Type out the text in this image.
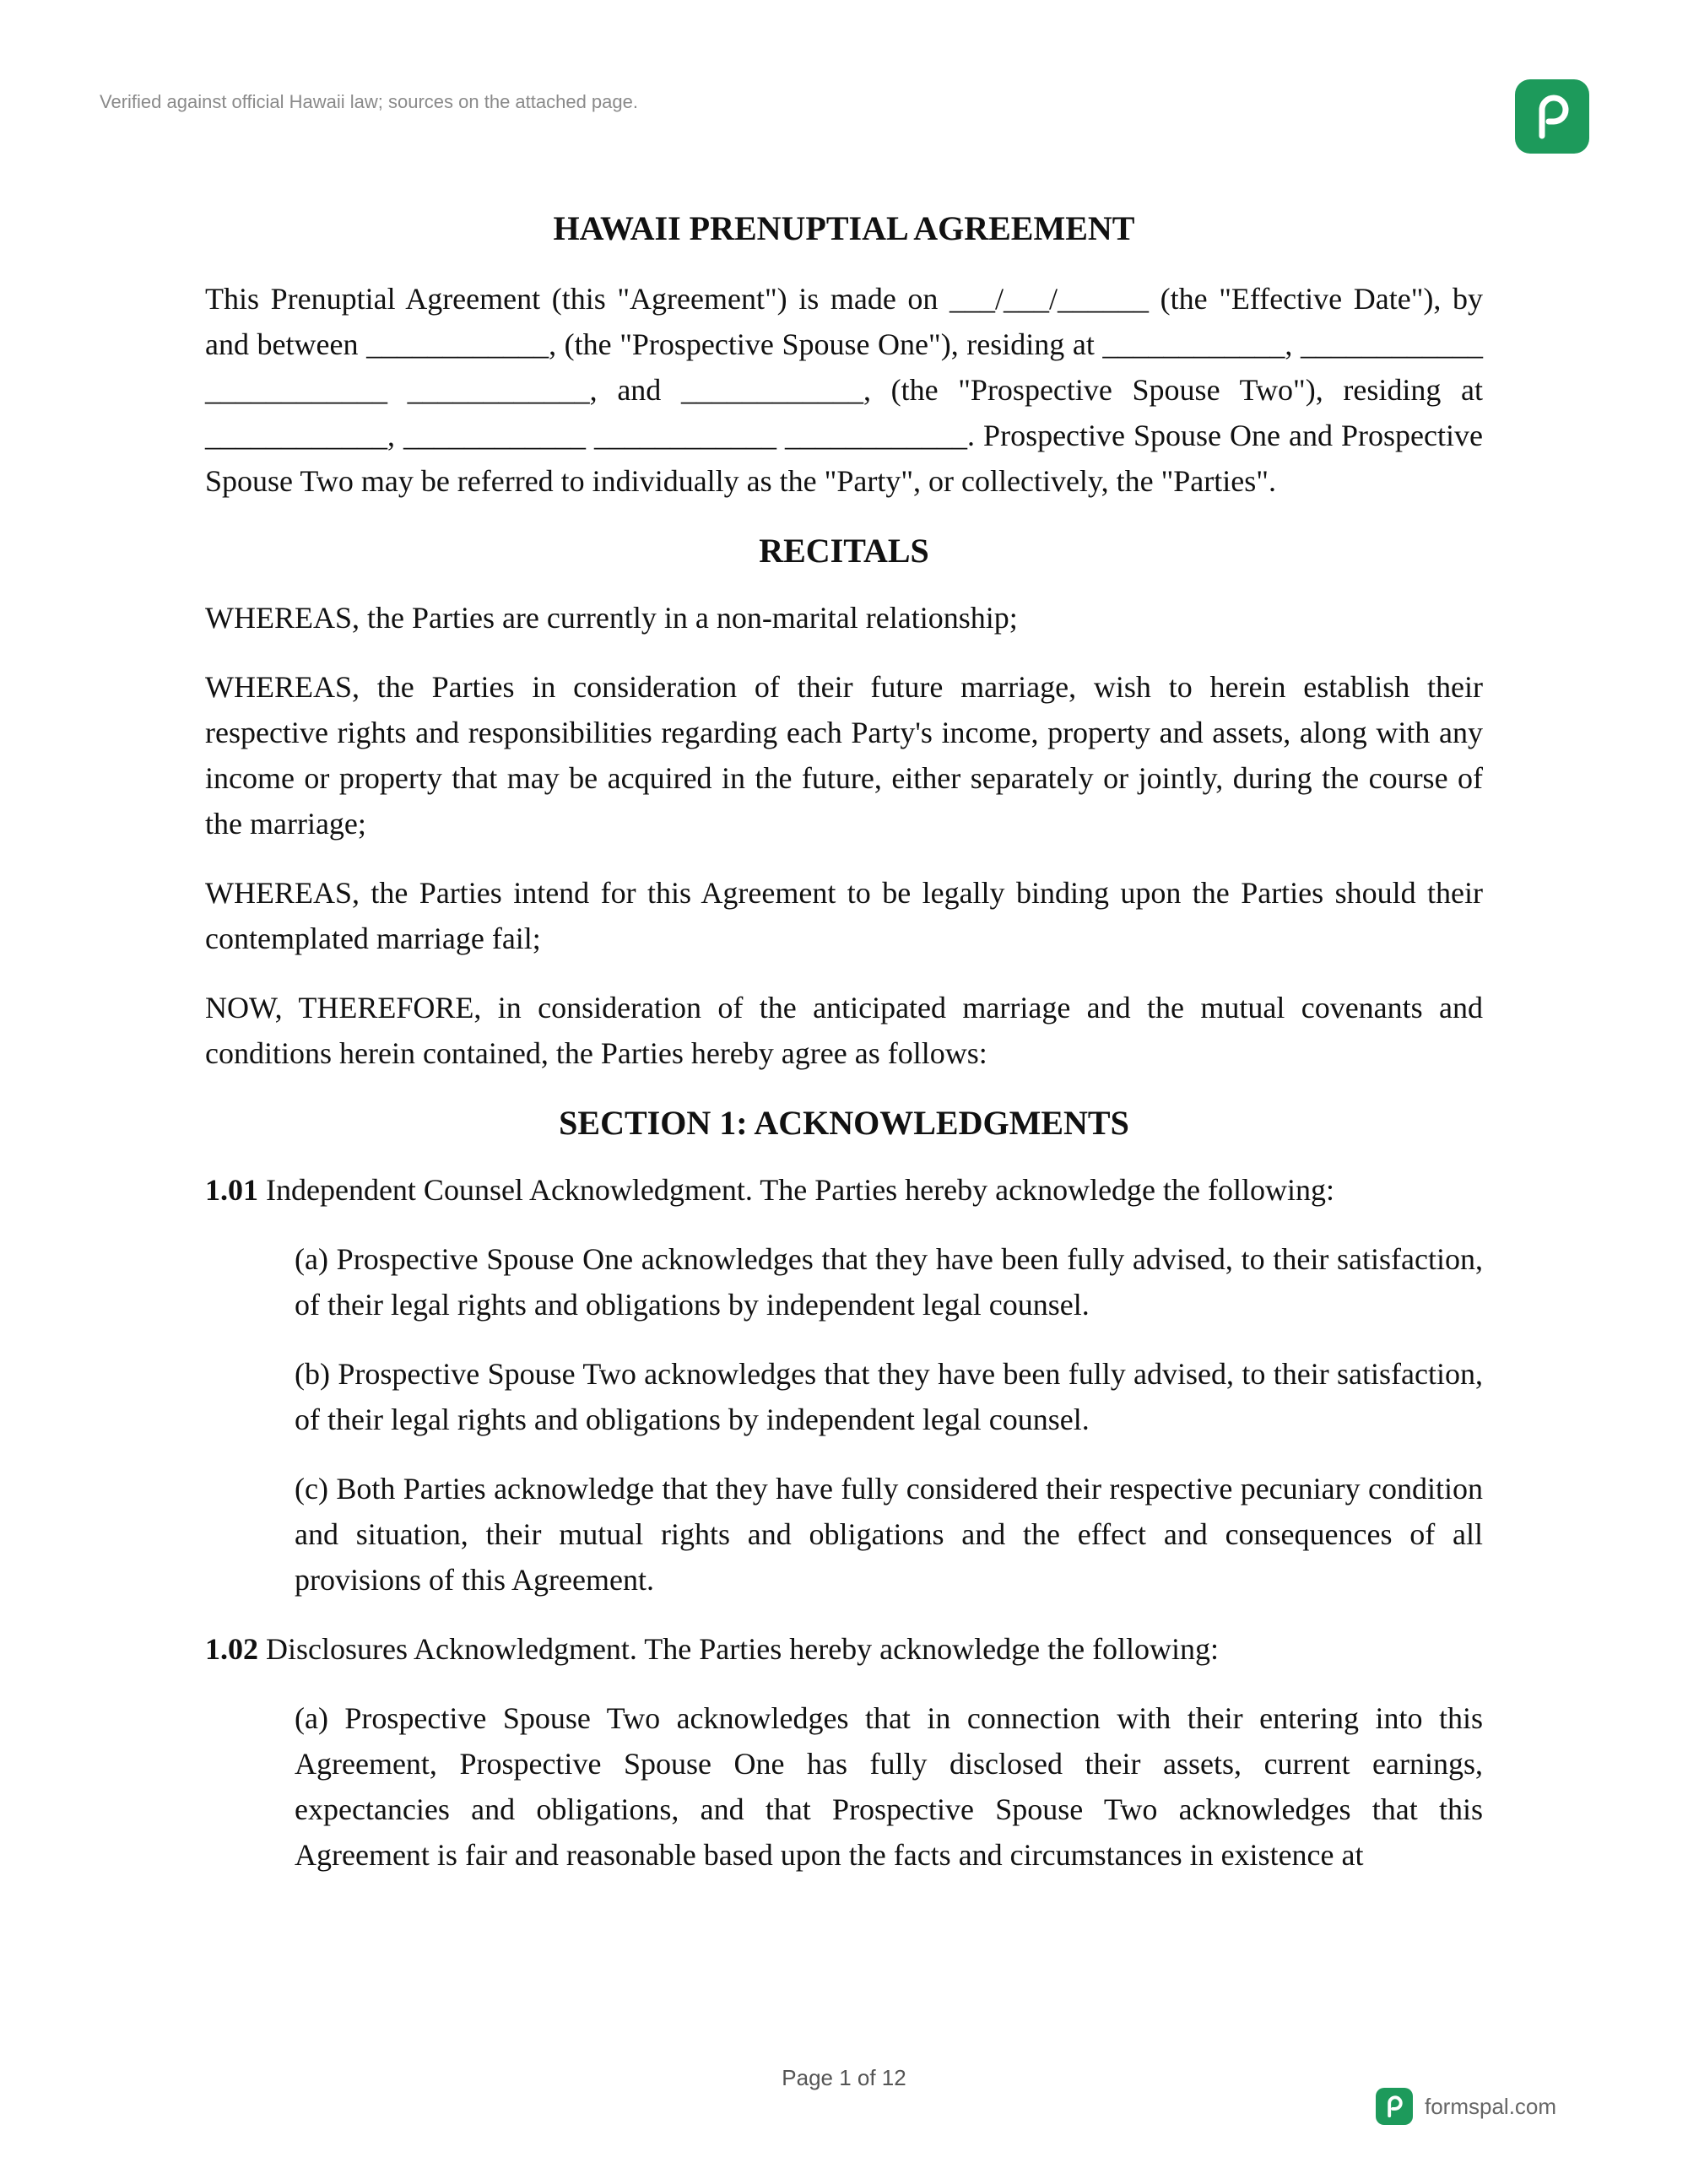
Verified against official Hawaii law; sources on the attached page.
HAWAII PRENUPTIAL AGREEMENT

This Prenuptial Agreement (this "Agreement") is made on ___/___/______ (the "Effective Date"), by and between ____________, (the "Prospective Spouse One"), residing at ____________, ____________ ____________ ____________, and ____________, (the "Prospective Spouse Two"), residing at ____________, ____________ ____________ ____________. Prospective Spouse One and Prospective Spouse Two may be referred to individually as the "Party", or collectively, the "Parties".

RECITALS

WHEREAS, the Parties are currently in a non-marital relationship;

WHEREAS, the Parties in consideration of their future marriage, wish to herein establish their respective rights and responsibilities regarding each Party's income, property and assets, along with any income or property that may be acquired in the future, either separately or jointly, during the course of the marriage;

WHEREAS, the Parties intend for this Agreement to be legally binding upon the Parties should their contemplated marriage fail;

NOW, THEREFORE, in consideration of the anticipated marriage and the mutual covenants and conditions herein contained, the Parties hereby agree as follows:

SECTION 1: ACKNOWLEDGMENTS

1.01 Independent Counsel Acknowledgment. The Parties hereby acknowledge the following:

(a) Prospective Spouse One acknowledges that they have been fully advised, to their satisfaction, of their legal rights and obligations by independent legal counsel.

(b) Prospective Spouse Two acknowledges that they have been fully advised, to their satisfaction, of their legal rights and obligations by independent legal counsel.

(c) Both Parties acknowledge that they have fully considered their respective pecuniary condition and situation, their mutual rights and obligations and the effect and consequences of all provisions of this Agreement.

1.02 Disclosures Acknowledgment. The Parties hereby acknowledge the following:

(a) Prospective Spouse Two acknowledges that in connection with their entering into this Agreement, Prospective Spouse One has fully disclosed their assets, current earnings, expectancies and obligations, and that Prospective Spouse Two acknowledges that this Agreement is fair and reasonable based upon the facts and circumstances in existence at

Page 1 of 12
formspal.com
